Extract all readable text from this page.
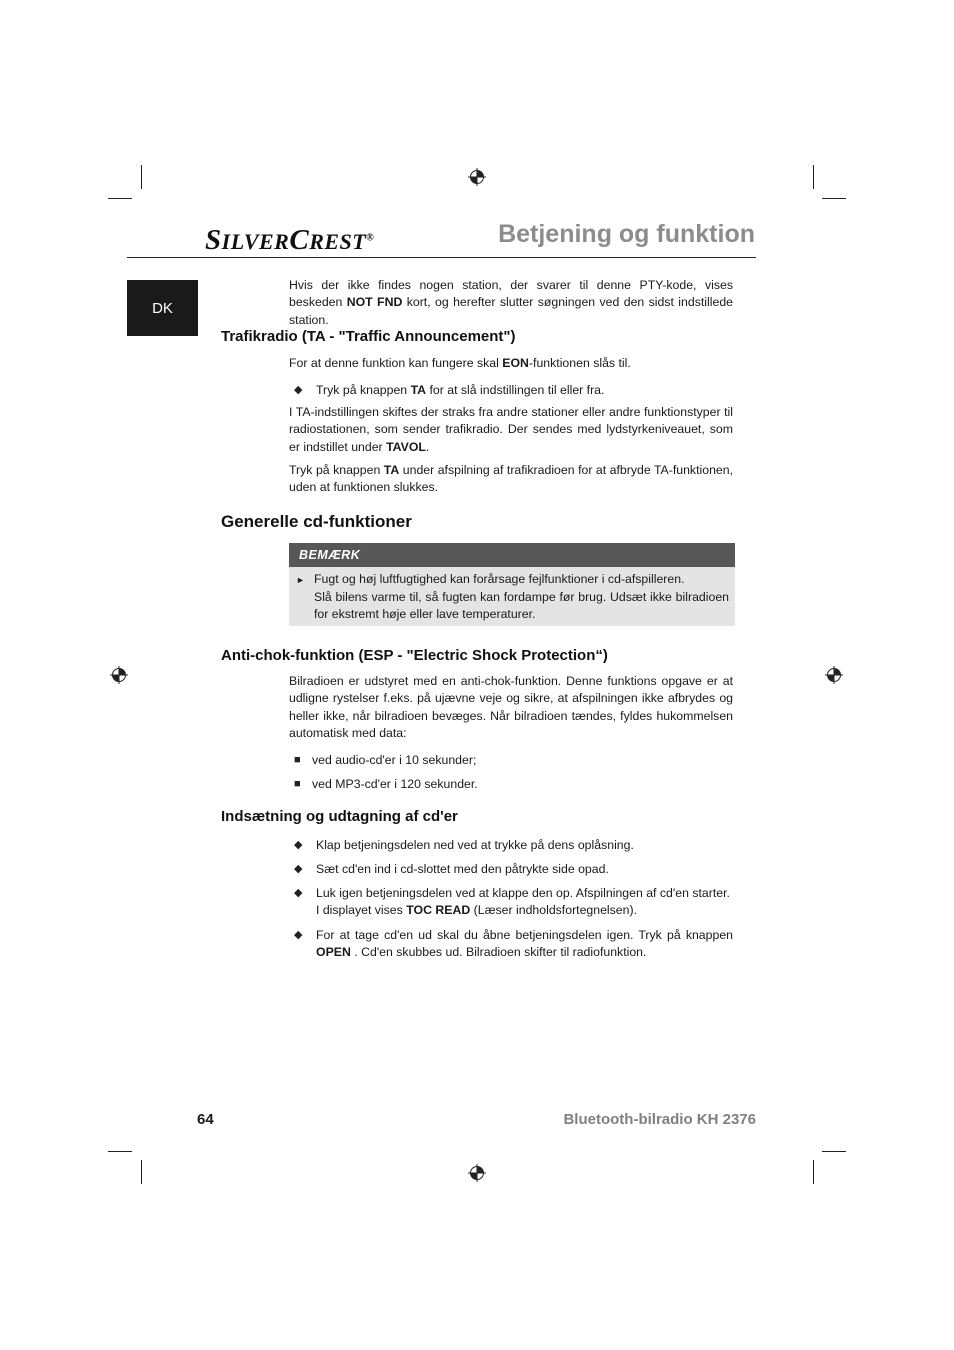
SILVERCREST®	Betjening og funktion
DK
Hvis der ikke findes nogen station, der svarer til denne PTY-kode, vises beskeden NOT FND kort, og herefter slutter søgningen ved den sidst indstillede station.
Trafikradio (TA - "Traffic Announcement")
For at denne funktion kan fungere skal EON-funktionen slås til.
◆	Tryk på knappen TA for at slå indstillingen til eller fra.
I TA-indstillingen skiftes der straks fra andre stationer eller andre funktionstyper til radiostationen, som sender trafikradio. Der sendes med lydstyrkeniveauet, som er indstillet under TAVOL.
Tryk på knappen TA under afspilning af trafikradioen for at afbryde TA-funktionen, uden at funktionen slukkes.
Generelle cd-funktioner
BEMÆRK
► Fugt og høj luftfugtighed kan forårsage fejlfunktioner i cd-afspilleren.
Slå bilens varme til, så fugten kan fordampe før brug. Udsæt ikke bilradioen for ekstremt høje eller lave temperaturer.
Anti-chok-funktion (ESP - "Electric Shock Protection“)
Bilradioen er udstyret med en anti-chok-funktion. Denne funktions opgave er at udligne rystelser f.eks. på ujævne veje og sikre, at afspilningen ikke afbrydes og heller ikke, når bilradioen bevæges. Når bilradioen tændes, fyldes hukommelsen automatisk med data:
■ ved audio-cd'er i 10 sekunder;
■ ved MP3-cd'er i 120 sekunder.
Indsætning og udtagning af cd'er
◆	Klap betjeningsdelen ned ved at trykke på dens oplåsning.
◆	Sæt cd'en ind i cd-slottet med den påtrykte side opad.
◆	Luk igen betjeningsdelen ved at klappe den op. Afspilningen af cd'en starter.
I displayet vises TOC READ (Læser indholdsfortegnelsen).
◆	For at tage cd'en ud skal du åbne betjeningsdelen igen. Tryk på knappen OPEN . Cd'en skubbes ud. Bilradioen skifter til radiofunktion.
64	Bluetooth-bilradio KH 2376
